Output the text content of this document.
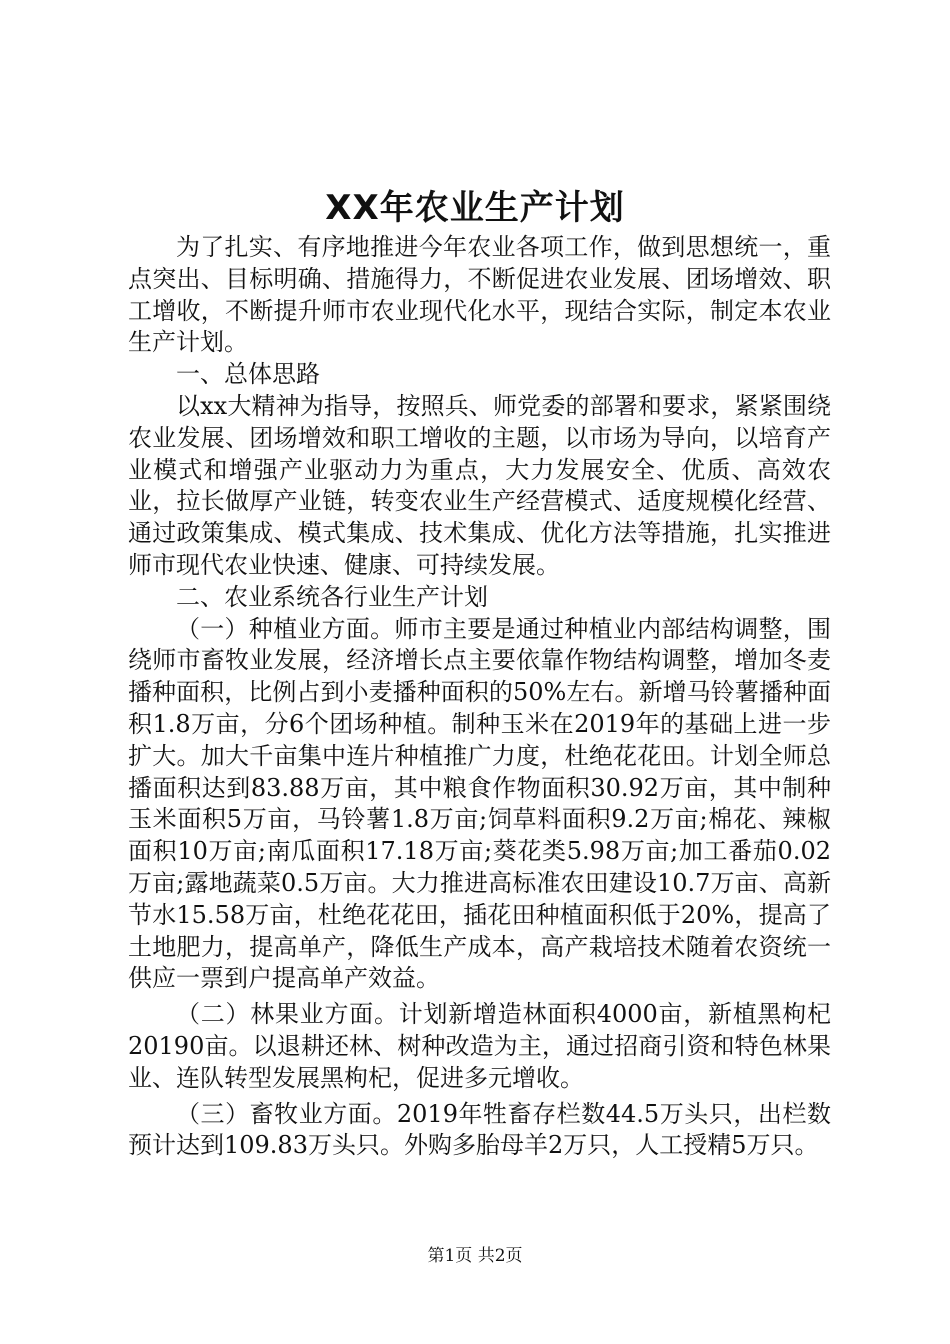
XX年农业生产计划

为了扎实、有序地推进今年农业各项工作，做到思想统一，重点突出、目标明确、措施得力，不断促进农业发展、团场增效、职工增收，不断提升师市农业现代化水平，现结合实际，制定本农业生产计划。

一、总体思路

以xx大精神为指导，按照兵、师党委的部署和要求，紧紧围绕农业发展、团场增效和职工增收的主题，以市场为导向，以培育产业模式和增强产业驱动力为重点，大力发展安全、优质、高效农业，拉长做厚产业链，转变农业生产经营模式、适度规模化经营、通过政策集成、模式集成、技术集成、优化方法等措施，扎实推进师市现代农业快速、健康、可持续发展。

二、农业系统各行业生产计划

（一）种植业方面。师市主要是通过种植业内部结构调整，围绕师市畜牧业发展，经济增长点主要依靠作物结构调整，增加冬麦播种面积，比例占到小麦播种面积的50%左右。新增马铃薯播种面积1.8万亩，分6个团场种植。制种玉米在2019年的基础上进一步扩大。加大千亩集中连片种植推广力度，杜绝花花田。计划全师总播面积达到83.88万亩，其中粮食作物面积30.92万亩，其中制种玉米面积5万亩，马铃薯1.8万亩;饲草料面积9.2万亩;棉花、辣椒面积10万亩;南瓜面积17.18万亩;葵花类5.98万亩;加工番茄0.02万亩;露地蔬菜0.5万亩。大力推进高标准农田建设10.7万亩、高新节水15.58万亩，杜绝花花田，插花田种植面积低于20%，提高了土地肥力，提高单产，降低生产成本，高产栽培技术随着农资统一供应一票到户提高单产效益。

（二）林果业方面。计划新增造林面积4000亩，新植黑枸杞20190亩。以退耕还林、树种改造为主，通过招商引资和特色林果业、连队转型发展黑枸杞，促进多元增收。

（三）畜牧业方面。2019年牲畜存栏数44.5万头只，出栏数预计达到109.83万头只。外购多胎母羊2万只，人工授精5万只。

第1页 共2页
